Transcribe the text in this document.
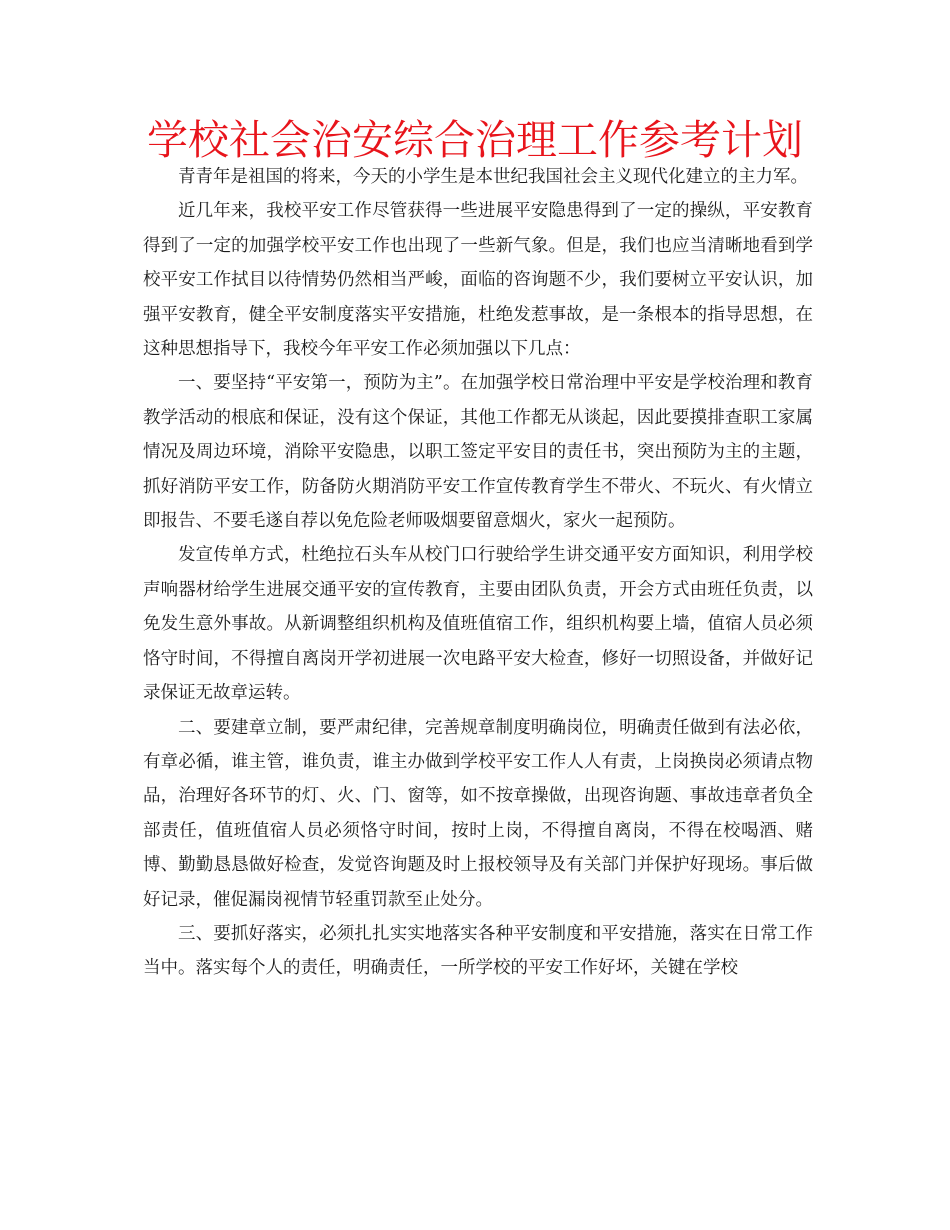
学校社会治安综合治理工作参考计划

青青年是祖国的将来，今天的小学生是本世纪我国社会主义现代化建立的主力军。

近几年来，我校平安工作尽管获得一些进展平安隐患得到了一定的操纵，平安教育得到了一定的加强学校平安工作也出现了一些新气象。但是，我们也应当清晰地看到学校平安工作拭目以待情势仍然相当严峻，面临的咨询题不少，我们要树立平安认识，加强平安教育，健全平安制度落实平安措施，杜绝发惹事故，是一条根本的指导思想，在这种思想指导下，我校今年平安工作必须加强以下几点：

一、要坚持“平安第一，预防为主”。在加强学校日常治理中平安是学校治理和教育教学活动的根底和保证，没有这个保证，其他工作都无从谈起，因此要摸排查职工家属情况及周边环境，消除平安隐患，以职工签定平安目的责任书，突出预防为主的主题，抓好消防平安工作，防备防火期消防平安工作宣传教育学生不带火、不玩火、有火情立即报告、不要毛遂自荐以免危险老师吸烟要留意烟火，家火一起预防。

发宣传单方式，杜绝拉石头车从校门口行驶给学生讲交通平安方面知识，利用学校声响器材给学生进展交通平安的宣传教育，主要由团队负责，开会方式由班任负责，以免发生意外事故。从新调整组织机构及值班值宿工作，组织机构要上墙，值宿人员必须恪守时间，不得擅自离岗开学初进展一次电路平安大检查，修好一切照设备，并做好记录保证无故章运转。

二、要建章立制，要严肃纪律，完善规章制度明确岗位，明确责任做到有法必依，有章必循，谁主管，谁负责，谁主办做到学校平安工作人人有责，上岗换岗必须请点物品，治理好各环节的灯、火、门、窗等，如不按章操做，出现咨询题、事故违章者负全部责任，值班值宿人员必须恪守时间，按时上岗，不得擅自离岗，不得在校喝酒、赌博、勤勤恳恳做好检查，发觉咨询题及时上报校领导及有关部门并保护好现场。事后做好记录，催促漏岗视情节轻重罚款至止处分。

三、要抓好落实，必须扎扎实实地落实各种平安制度和平安措施，落实在日常工作当中。落实每个人的责任，明确责任，一所学校的平安工作好坏，关键在学校
